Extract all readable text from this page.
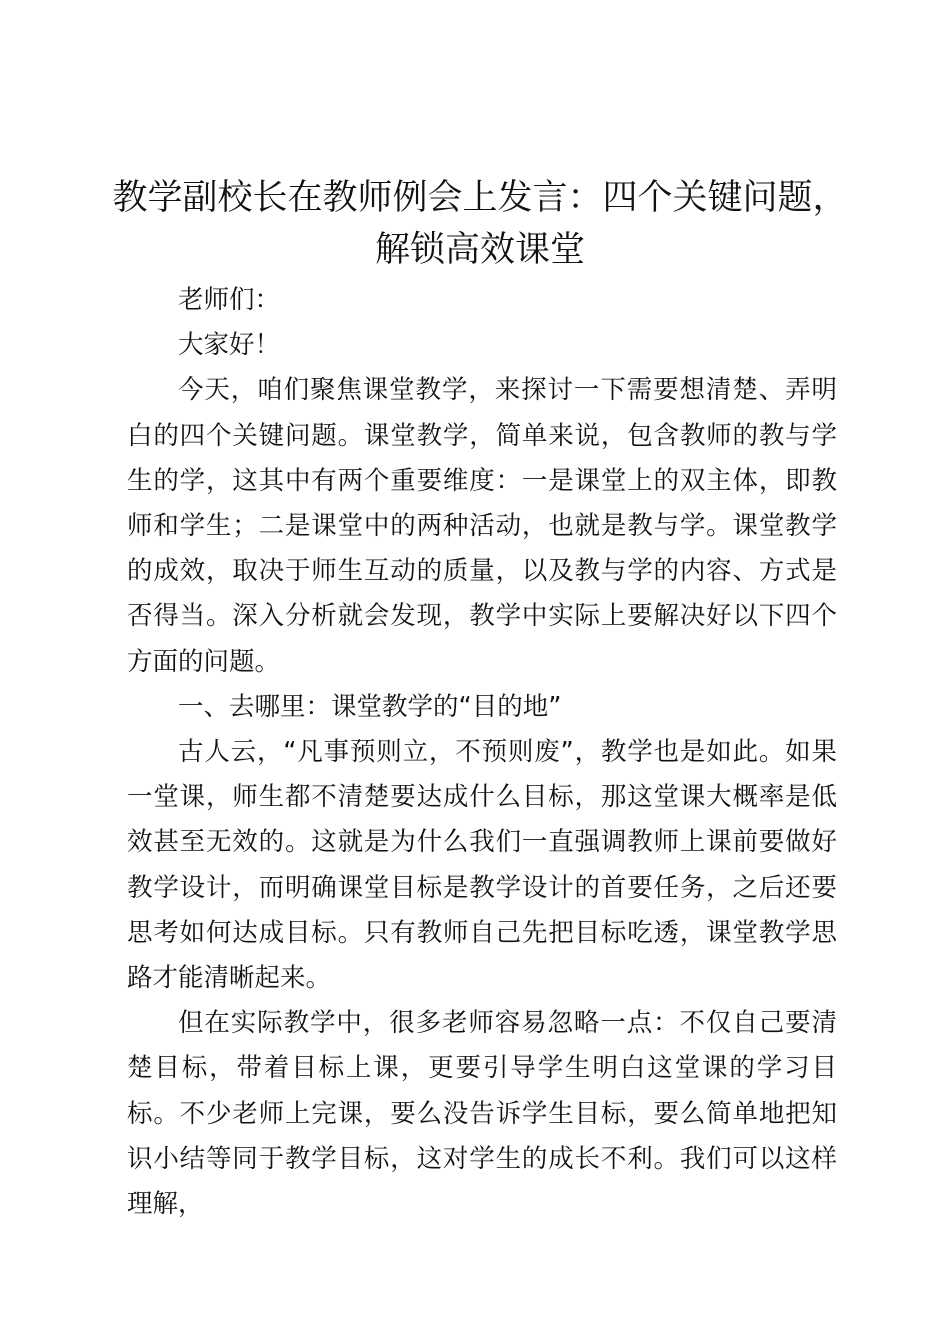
教学副校长在教师例会上发言：四个关键问题，解锁高效课堂

老师们：

大家好！

今天，咱们聚焦课堂教学，来探讨一下需要想清楚、弄明白的四个关键问题。课堂教学，简单来说，包含教师的教与学生的学，这其中有两个重要维度：一是课堂上的双主体，即教师和学生；二是课堂中的两种活动，也就是教与学。课堂教学的成效，取决于师生互动的质量，以及教与学的内容、方式是否得当。深入分析就会发现，教学中实际上要解决好以下四个方面的问题。

一、去哪里：课堂教学的“目的地”

古人云，“凡事预则立，不预则废”，教学也是如此。如果一堂课，师生都不清楚要达成什么目标，那这堂课大概率是低效甚至无效的。这就是为什么我们一直强调教师上课前要做好教学设计，而明确课堂目标是教学设计的首要任务，之后还要思考如何达成目标。只有教师自己先把目标吃透，课堂教学思路才能清晰起来。

但在实际教学中，很多老师容易忽略一点：不仅自己要清楚目标，带着目标上课，更要引导学生明白这堂课的学习目标。不少老师上完课，要么没告诉学生目标，要么简单地把知识小结等同于教学目标，这对学生的成长不利。我们可以这样理解，
